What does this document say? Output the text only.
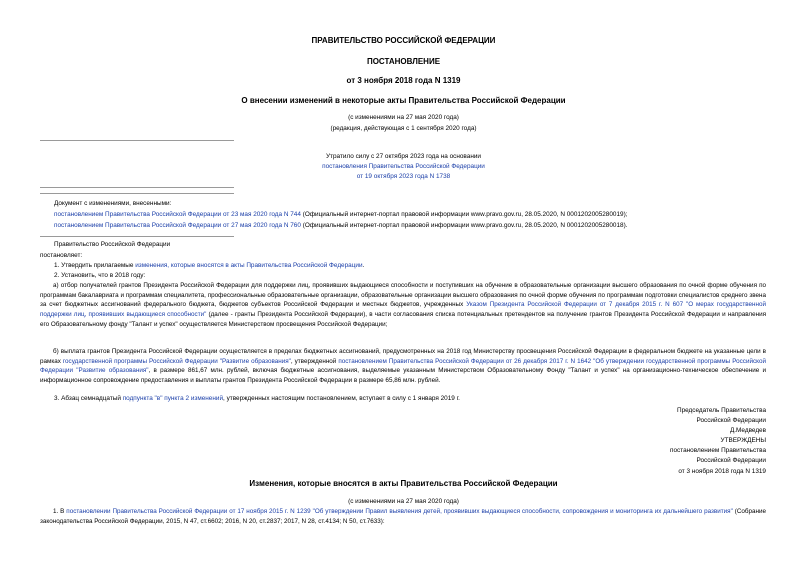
ПРАВИТЕЛЬСТВО РОССИЙСКОЙ ФЕДЕРАЦИИ
ПОСТАНОВЛЕНИЕ
от 3 ноября 2018 года N 1319
О внесении изменений в некоторые акты Правительства Российской Федерации
(с изменениями на 27 мая 2020 года)
(редакция, действующая с 1 сентября 2020 года)
Утратило силу с 27 октября 2023 года на основании
постановления Правительства Российской Федерации
от 19 октября 2023 года N 1738
Документ с изменениями, внесенными:
постановлением Правительства Российской Федерации от 23 мая 2020 года N 744 (Официальный интернет-портал правовой информации www.pravo.gov.ru, 28.05.2020, N 0001202005280019);
постановлением Правительства Российской Федерации от 27 мая 2020 года N 760 (Официальный интернет-портал правовой информации www.pravo.gov.ru, 28.05.2020, N 0001202005280018).
Правительство Российской Федерации
постановляет:
1. Утвердить прилагаемые изменения, которые вносятся в акты Правительства Российской Федерации.
2. Установить, что в 2018 году:
а) отбор получателей грантов Президента Российской Федерации для поддержки лиц, проявивших выдающиеся способности и поступивших на обучение в образовательные организации высшего образования по очной форме обучения по программам бакалавриата и программам специалитета, профессиональные образовательные организации, образовательные организации высшего образования по очной форме обучения по программам подготовки специалистов среднего звена за счет бюджетных ассигнований федерального бюджета, бюджетов субъектов Российской Федерации и местных бюджетов, учрежденных Указом Президента Российской Федерации от 7 декабря 2015 г. N 607 "О мерах государственной поддержки лиц, проявивших выдающиеся способности" (далее - гранты Президента Российской Федерации), в части согласования списка потенциальных претендентов на получение грантов Президента Российской Федерации и направления его Образовательному фонду "Талант и успех" осуществляется Министерством просвещения Российской Федерации;
б) выплата грантов Президента Российской Федерации осуществляется в пределах бюджетных ассигнований, предусмотренных на 2018 год Министерству просвещения Российской Федерации в федеральном бюджете на указанные цели в рамках государственной программы Российской Федерации "Развитие образования", утвержденной постановлением Правительства Российской Федерации от 26 декабря 2017 г. N 1642 "Об утверждении государственной программы Российской Федерации "Развитие образования", в размере 861,67 млн. рублей, включая бюджетные ассигнования, выделяемые указанным Министерством Образовательному Фонду "Талант и успех" на организационно-техническое обеспечение и информационное сопровождение предоставления и выплаты грантов Президента Российской Федерации в размере 65,86 млн. рублей.
3. Абзац семнадцатый подпункта "в" пункта 2 изменений, утвержденных настоящим постановлением, вступает в силу с 1 января 2019 г.
Председатель Правительства
Российской Федерации
Д.Медведев
УТВЕРЖДЕНЫ
постановлением Правительства
Российской Федерации
от 3 ноября 2018 года N 1319
Изменения, которые вносятся в акты Правительства Российской Федерации
(с изменениями на 27 мая 2020 года)
1. В постановлении Правительства Российской Федерации от 17 ноября 2015 г. N 1239 "Об утверждении Правил выявления детей, проявивших выдающиеся способности, сопровождения и мониторинга их дальнейшего развития" (Собрание законодательства Российской Федерации, 2015, N 47, ст.6602; 2016, N 20, ст.2837; 2017, N 28, ст.4134; N 50, ст.7633):
